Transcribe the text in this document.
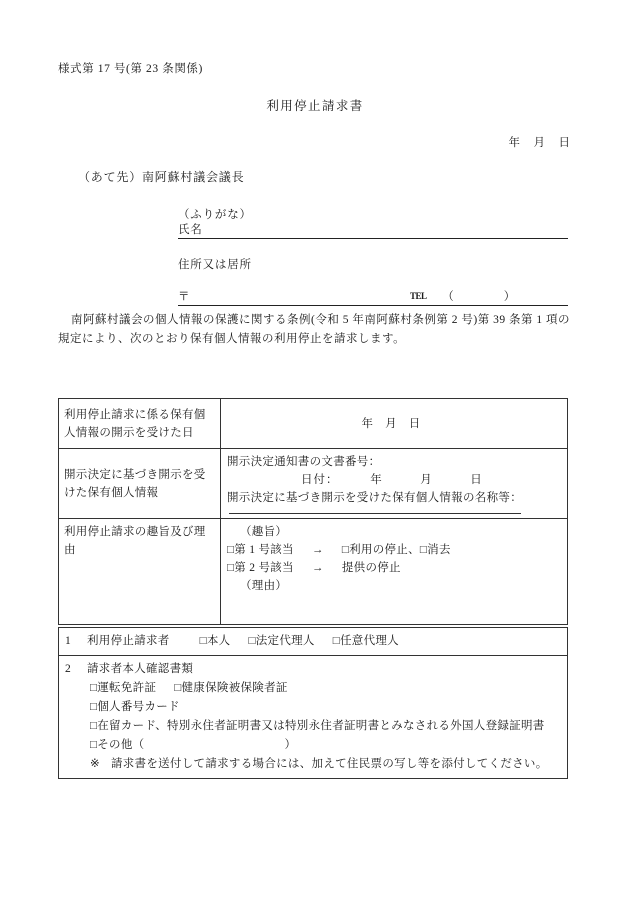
様式第 17 号(第 23 条関係)
利用停止請求書
年　月　日
（あて先）南阿蘇村議会議長
（ふりがな）
氏名
住所又は居所
〒	TEL （　　　　）
南阿蘇村議会の個人情報の保護に関する条例(令和 5 年南阿蘇村条例第 2 号)第 39 条第 1 項の規定により、次のとおり保有個人情報の利用停止を請求します。
利用停止請求に係る保有個人情報の開示を受けた日	年　月　日
開示決定に基づき開示を受けた保有個人情報	開示決定通知書の文書番号：
日付：　　　年　　　月　　　日
開示決定に基づき開示を受けた保有個人情報の名称等：

利用停止請求の趣旨及び理由	（趣旨）
□第 1 号該当 → □利用の停止、□消去
□第 2 号該当 → 提供の停止
（理由）
1 利用停止請求者	□本人 □法定代理人 □任意代理人

2 請求者本人確認書類
□運転免許証 □健康保険被保険者証
□個人番号カード
□在留カード、特別永住者証明書又は特別永住者証明書とみなされる外国人登録証明書
□その他（	）
※ 請求書を送付して請求する場合には、加えて住民票の写し等を添付してください。
